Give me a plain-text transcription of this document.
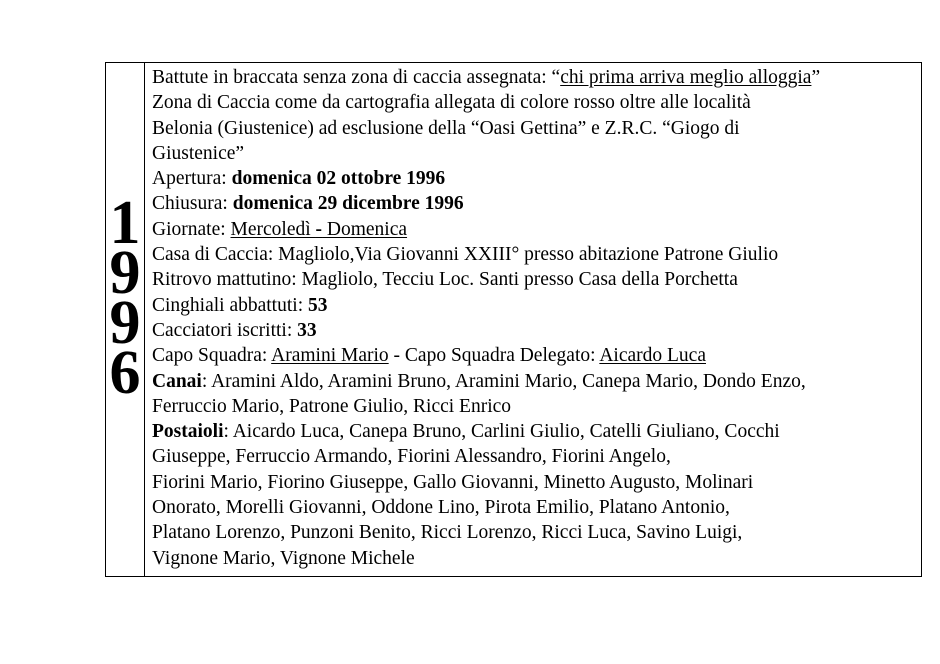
1
9
9
6
Battute in braccata senza zona di caccia assegnata: “chi prima arriva meglio alloggia”
Zona di Caccia come da cartografia allegata di colore rosso oltre alle località
Belonia (Giustenice) ad esclusione della “Oasi Gettina” e Z.R.C. “Giogo di
Giustenice”
Apertura: domenica 02 ottobre 1996
Chiusura: domenica 29 dicembre 1996
Giornate: Mercoledì - Domenica
Casa di Caccia: Magliolo,Via Giovanni XXIII° presso abitazione Patrone Giulio
Ritrovo mattutino: Magliolo, Tecciu Loc. Santi presso Casa della Porchetta
Cinghiali abbattuti: 53
Cacciatori iscritti: 33
Capo Squadra: Aramini Mario - Capo Squadra Delegato: Aicardo Luca
Canai: Aramini Aldo, Aramini Bruno, Aramini Mario, Canepa Mario, Dondo Enzo,
Ferruccio Mario, Patrone Giulio, Ricci Enrico
Postaioli: Aicardo Luca, Canepa Bruno, Carlini Giulio, Catelli Giuliano, Cocchi
Giuseppe, Ferruccio Armando, Fiorini Alessandro, Fiorini Angelo,
Fiorini Mario, Fiorino Giuseppe, Gallo Giovanni, Minetto Augusto, Molinari
Onorato, Morelli Giovanni, Oddone Lino, Pirota Emilio, Platano Antonio,
Platano Lorenzo, Punzoni Benito, Ricci Lorenzo, Ricci Luca, Savino Luigi,
Vignone Mario, Vignone Michele
